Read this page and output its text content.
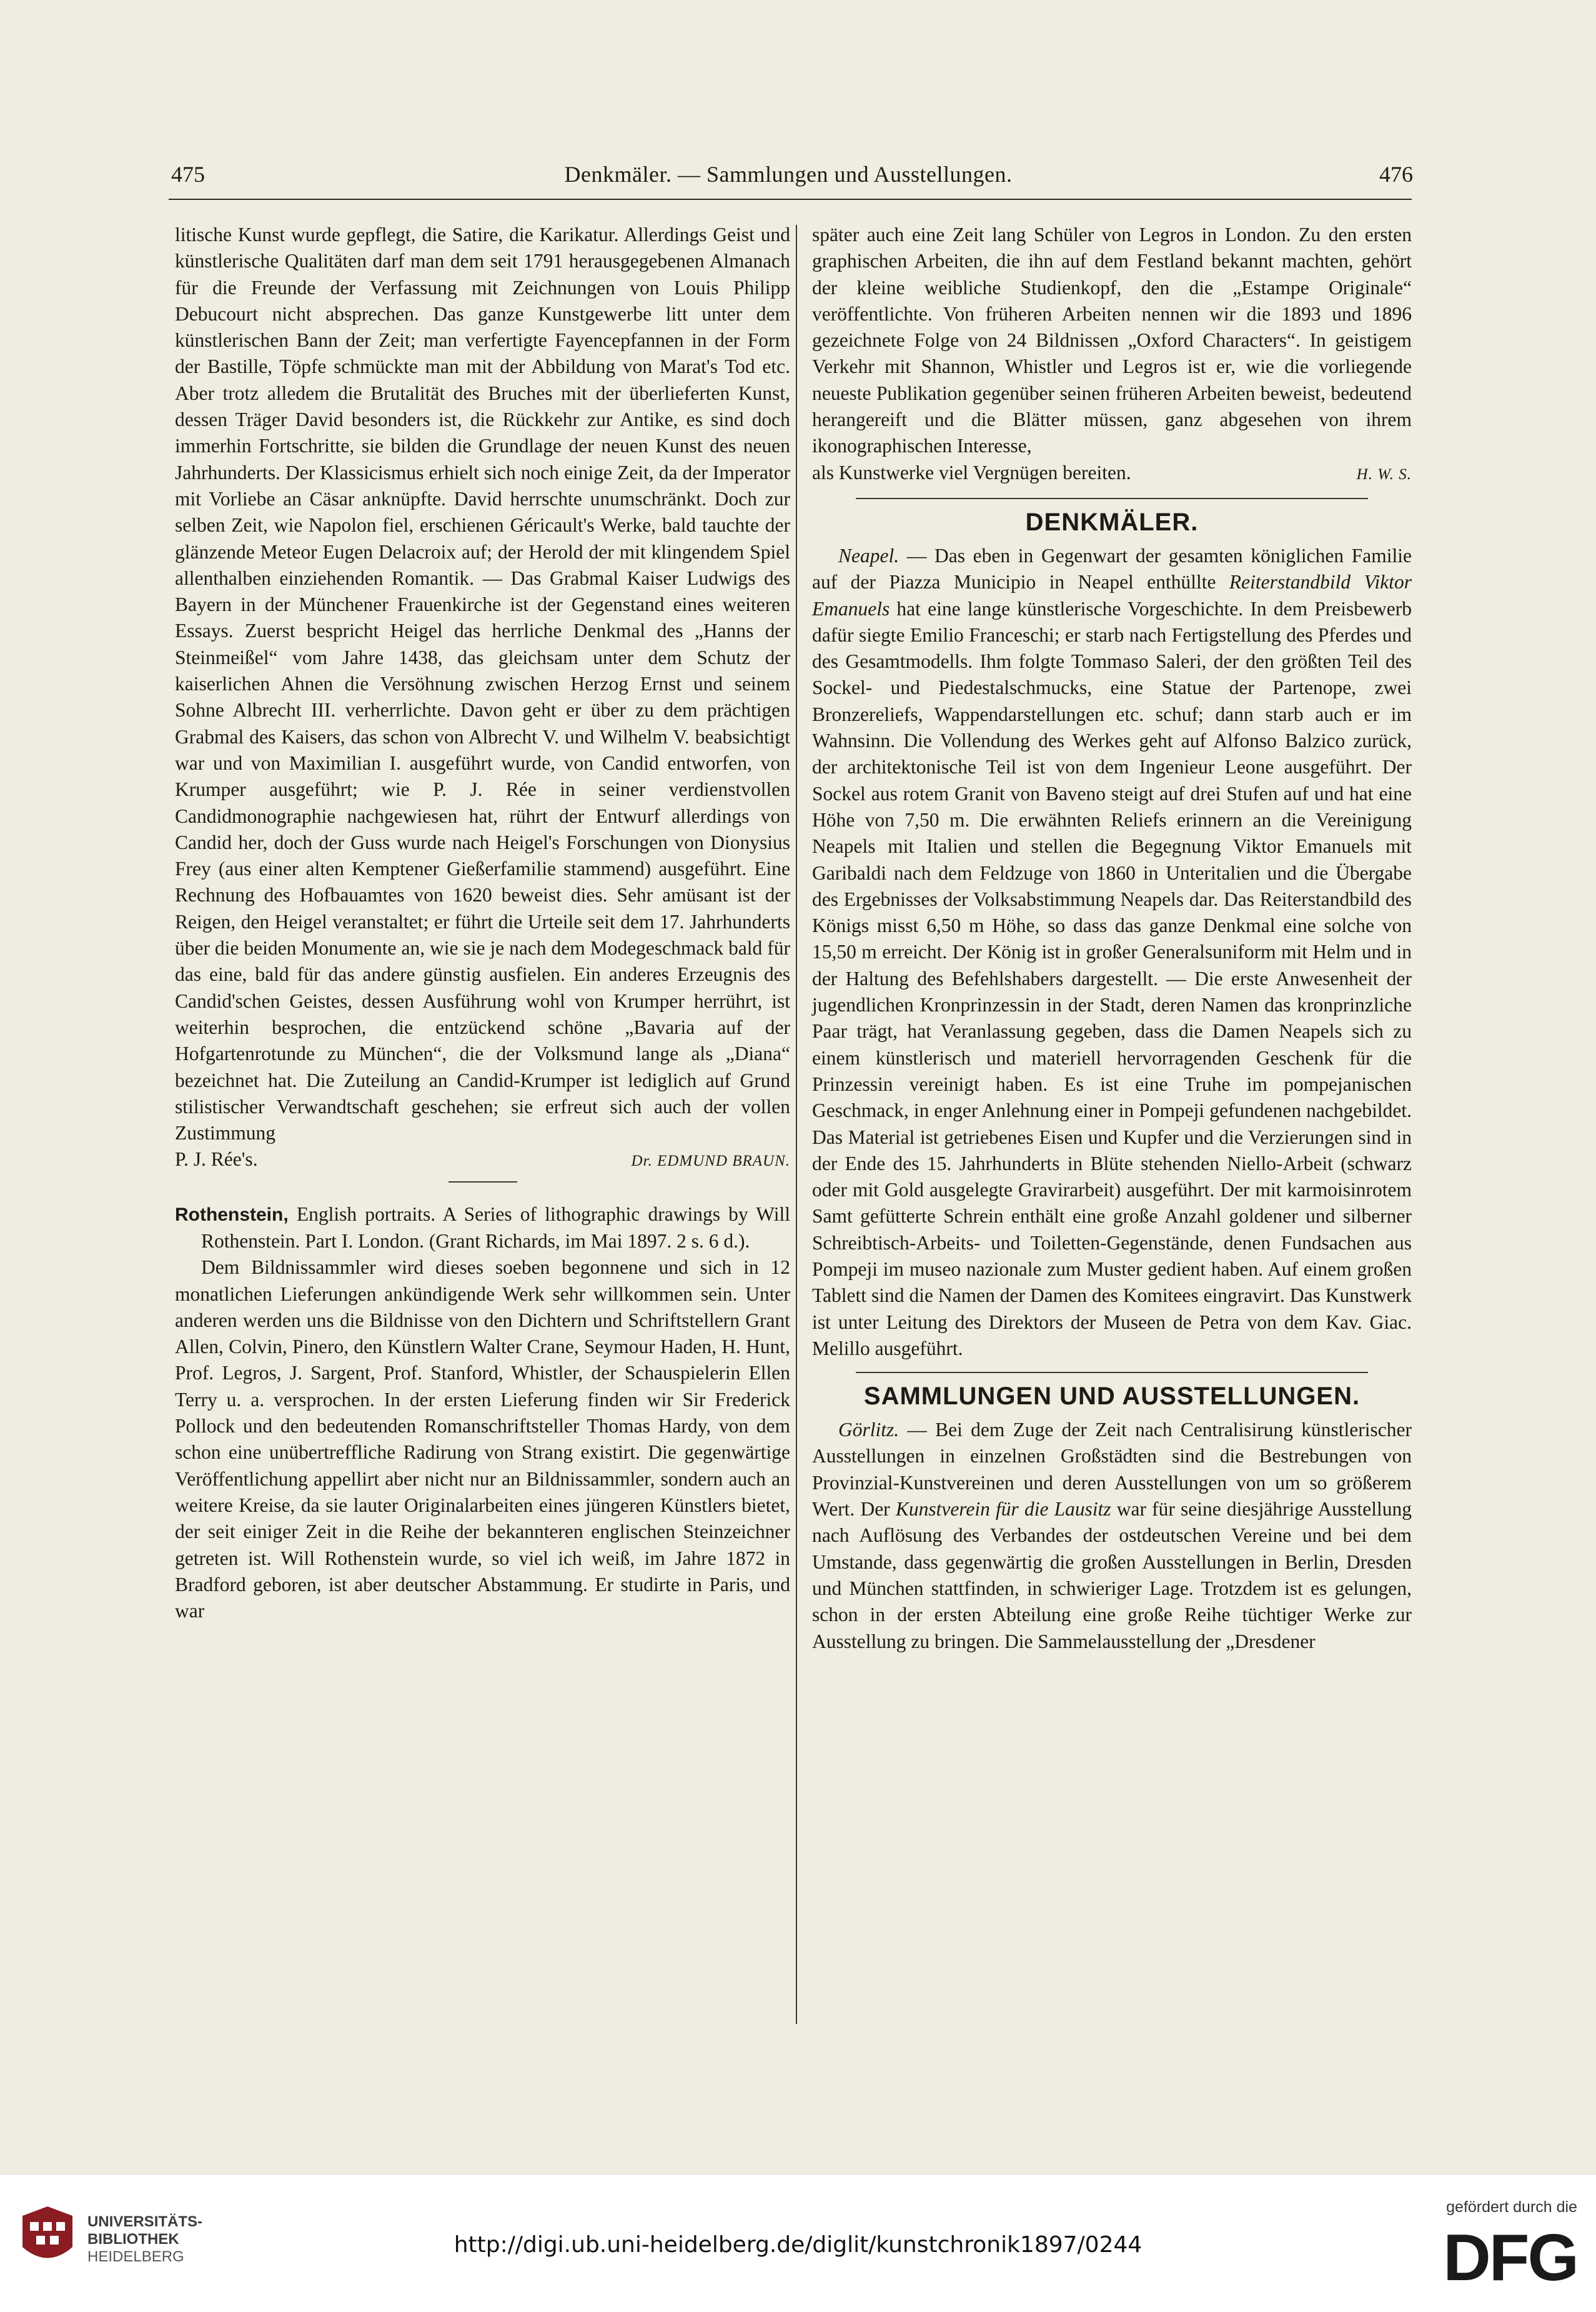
475	Denkmäler. — Sammlungen und Ausstellungen.	476

litische Kunst wurde gepflegt, die Satire, die Karikatur. Allerdings Geist und künstlerische Qualitäten darf man dem seit 1791 herausgegebenen Almanach für die Freunde der Verfassung mit Zeichnungen von Louis Philipp Debucourt nicht absprechen. Das ganze Kunstgewerbe litt unter dem künstlerischen Bann der Zeit; man verfertigte Fayencepfannen in der Form der Bastille, Töpfe schmückte man mit der Abbildung von Marat's Tod etc. Aber trotz alledem die Brutalität des Bruches mit der überlieferten Kunst, dessen Träger David besonders ist, die Rückkehr zur Antike, es sind doch immerhin Fortschritte, sie bilden die Grundlage der neuen Kunst des neuen Jahrhunderts. Der Klassicismus erhielt sich noch einige Zeit, da der Imperator mit Vorliebe an Cäsar anknüpfte. David herrschte unumschränkt. Doch zur selben Zeit, wie Napolon fiel, erschienen Géricault's Werke, bald tauchte der glänzende Meteor Eugen Delacroix auf; der Herold der mit klingendem Spiel allenthalben einziehenden Romantik. — Das Grabmal Kaiser Ludwigs des Bayern in der Münchener Frauenkirche ist der Gegenstand eines weiteren Essays. Zuerst bespricht Heigel das herrliche Denkmal des „Hanns der Steinmeißel“ vom Jahre 1438, das gleichsam unter dem Schutz der kaiserlichen Ahnen die Versöhnung zwischen Herzog Ernst und seinem Sohne Albrecht III. verherrlichte. Davon geht er über zu dem prächtigen Grabmal des Kaisers, das schon von Albrecht V. und Wilhelm V. beabsichtigt war und von Maximilian I. ausgeführt wurde, von Candid entworfen, von Krumper ausgeführt; wie P. J. Rée in seiner verdienstvollen Candidmonographie nachgewiesen hat, rührt der Entwurf allerdings von Candid her, doch der Guss wurde nach Heigel's Forschungen von Dionysius Frey (aus einer alten Kemptener Gießerfamilie stammend) ausgeführt. Eine Rechnung des Hofbauamtes von 1620 beweist dies. Sehr amüsant ist der Reigen, den Heigel veranstaltet; er führt die Urteile seit dem 17. Jahrhunderts über die beiden Monumente an, wie sie je nach dem Modegeschmack bald für das eine, bald für das andere günstig ausfielen. Ein anderes Erzeugnis des Candid'schen Geistes, dessen Ausführung wohl von Krumper herrührt, ist weiterhin besprochen, die entzückend schöne „Bavaria auf der Hofgartenrotunde zu München“, die der Volksmund lange als „Diana“ bezeichnet hat. Die Zuteilung an Candid-Krumper ist lediglich auf Grund stilistischer Verwandtschaft geschehen; sie erfreut sich auch der vollen Zustimmung

P. J. Rée's.	Dr. EDMUND BRAUN.

Rothenstein, English portraits. A Series of lithographic drawings by Will Rothenstein. Part I. London. (Grant Richards, im Mai 1897. 2 s. 6 d.).

Dem Bildnissammler wird dieses soeben begonnene und sich in 12 monatlichen Lieferungen ankündigende Werk sehr willkommen sein. Unter anderen werden uns die Bildnisse von den Dichtern und Schriftstellern Grant Allen, Colvin, Pinero, den Künstlern Walter Crane, Seymour Haden, H. Hunt, Prof. Legros, J. Sargent, Prof. Stanford, Whistler, der Schauspielerin Ellen Terry u. a. versprochen. In der ersten Lieferung finden wir Sir Frederick Pollock und den bedeutenden Romanschriftsteller Thomas Hardy, von dem schon eine unübertreffliche Radirung von Strang existirt. Die gegenwärtige Veröffentlichung appellirt aber nicht nur an Bildnissammler, sondern auch an weitere Kreise, da sie lauter Originalarbeiten eines jüngeren Künstlers bietet, der seit einiger Zeit in die Reihe der bekannteren englischen Steinzeichner getreten ist. Will Rothenstein wurde, so viel ich weiß, im Jahre 1872 in Bradford geboren, ist aber deutscher Abstammung. Er studirte in Paris, und war

später auch eine Zeit lang Schüler von Legros in London. Zu den ersten graphischen Arbeiten, die ihn auf dem Festland bekannt machten, gehört der kleine weibliche Studienkopf, den die „Estampe Originale“ veröffentlichte. Von früheren Arbeiten nennen wir die 1893 und 1896 gezeichnete Folge von 24 Bildnissen „Oxford Characters“. In geistigem Verkehr mit Shannon, Whistler und Legros ist er, wie die vorliegende neueste Publikation gegenüber seinen früheren Arbeiten beweist, bedeutend herangereift und die Blätter müssen, ganz abgesehen von ihrem ikonographischen Interesse,

als Kunstwerke viel Vergnügen bereiten.	H. W. S.

DENKMÄLER.

Neapel. — Das eben in Gegenwart der gesamten königlichen Familie auf der Piazza Municipio in Neapel enthüllte Reiterstandbild Viktor Emanuels hat eine lange künstlerische Vorgeschichte. In dem Preisbewerb dafür siegte Emilio Franceschi; er starb nach Fertigstellung des Pferdes und des Gesamtmodells. Ihm folgte Tommaso Saleri, der den größten Teil des Sockel- und Piedestalschmucks, eine Statue der Partenope, zwei Bronzereliefs, Wappendarstellungen etc. schuf; dann starb auch er im Wahnsinn. Die Vollendung des Werkes geht auf Alfonso Balzico zurück, der architektonische Teil ist von dem Ingenieur Leone ausgeführt. Der Sockel aus rotem Granit von Baveno steigt auf drei Stufen auf und hat eine Höhe von 7,50 m. Die erwähnten Reliefs erinnern an die Vereinigung Neapels mit Italien und stellen die Begegnung Viktor Emanuels mit Garibaldi nach dem Feldzuge von 1860 in Unteritalien und die Übergabe des Ergebnisses der Volksabstimmung Neapels dar. Das Reiterstandbild des Königs misst 6,50 m Höhe, so dass das ganze Denkmal eine solche von 15,50 m erreicht. Der König ist in großer Generalsuniform mit Helm und in der Haltung des Befehlshabers dargestellt. — Die erste Anwesenheit der jugendlichen Kronprinzessin in der Stadt, deren Namen das kronprinzliche Paar trägt, hat Veranlassung gegeben, dass die Damen Neapels sich zu einem künstlerisch und materiell hervorragenden Geschenk für die Prinzessin vereinigt haben. Es ist eine Truhe im pompejanischen Geschmack, in enger Anlehnung einer in Pompeji gefundenen nachgebildet. Das Material ist getriebenes Eisen und Kupfer und die Verzierungen sind in der Ende des 15. Jahrhunderts in Blüte stehenden Niello-Arbeit (schwarz oder mit Gold ausgelegte Gravirarbeit) ausgeführt. Der mit karmoisinrotem Samt gefütterte Schrein enthält eine große Anzahl goldener und silberner Schreibtisch-Arbeits- und Toiletten-Gegenstände, denen Fundsachen aus Pompeji im museo nazionale zum Muster gedient haben. Auf einem großen Tablett sind die Namen der Damen des Komitees eingravirt. Das Kunstwerk ist unter Leitung des Direktors der Museen de Petra von dem Kav. Giac. Melillo ausgeführt.

SAMMLUNGEN UND AUSSTELLUNGEN.

Görlitz. — Bei dem Zuge der Zeit nach Centralisirung künstlerischer Ausstellungen in einzelnen Großstädten sind die Bestrebungen von Provinzial-Kunstvereinen und deren Ausstellungen von um so größerem Wert. Der Kunstverein für die Lausitz war für seine diesjährige Ausstellung nach Auflösung des Verbandes der ostdeutschen Vereine und bei dem Umstande, dass gegenwärtig die großen Ausstellungen in Berlin, Dresden und München stattfinden, in schwieriger Lage. Trotzdem ist es gelungen, schon in der ersten Abteilung eine große Reihe tüchtiger Werke zur Ausstellung zu bringen. Die Sammelausstellung der „Dresdener

UNIVERSITÄTS-
BIBLIOTHEK
HEIDELBERG	http://digi.ub.uni-heidelberg.de/diglit/kunstchronik1897/0244
gefördert durch die
DFG
